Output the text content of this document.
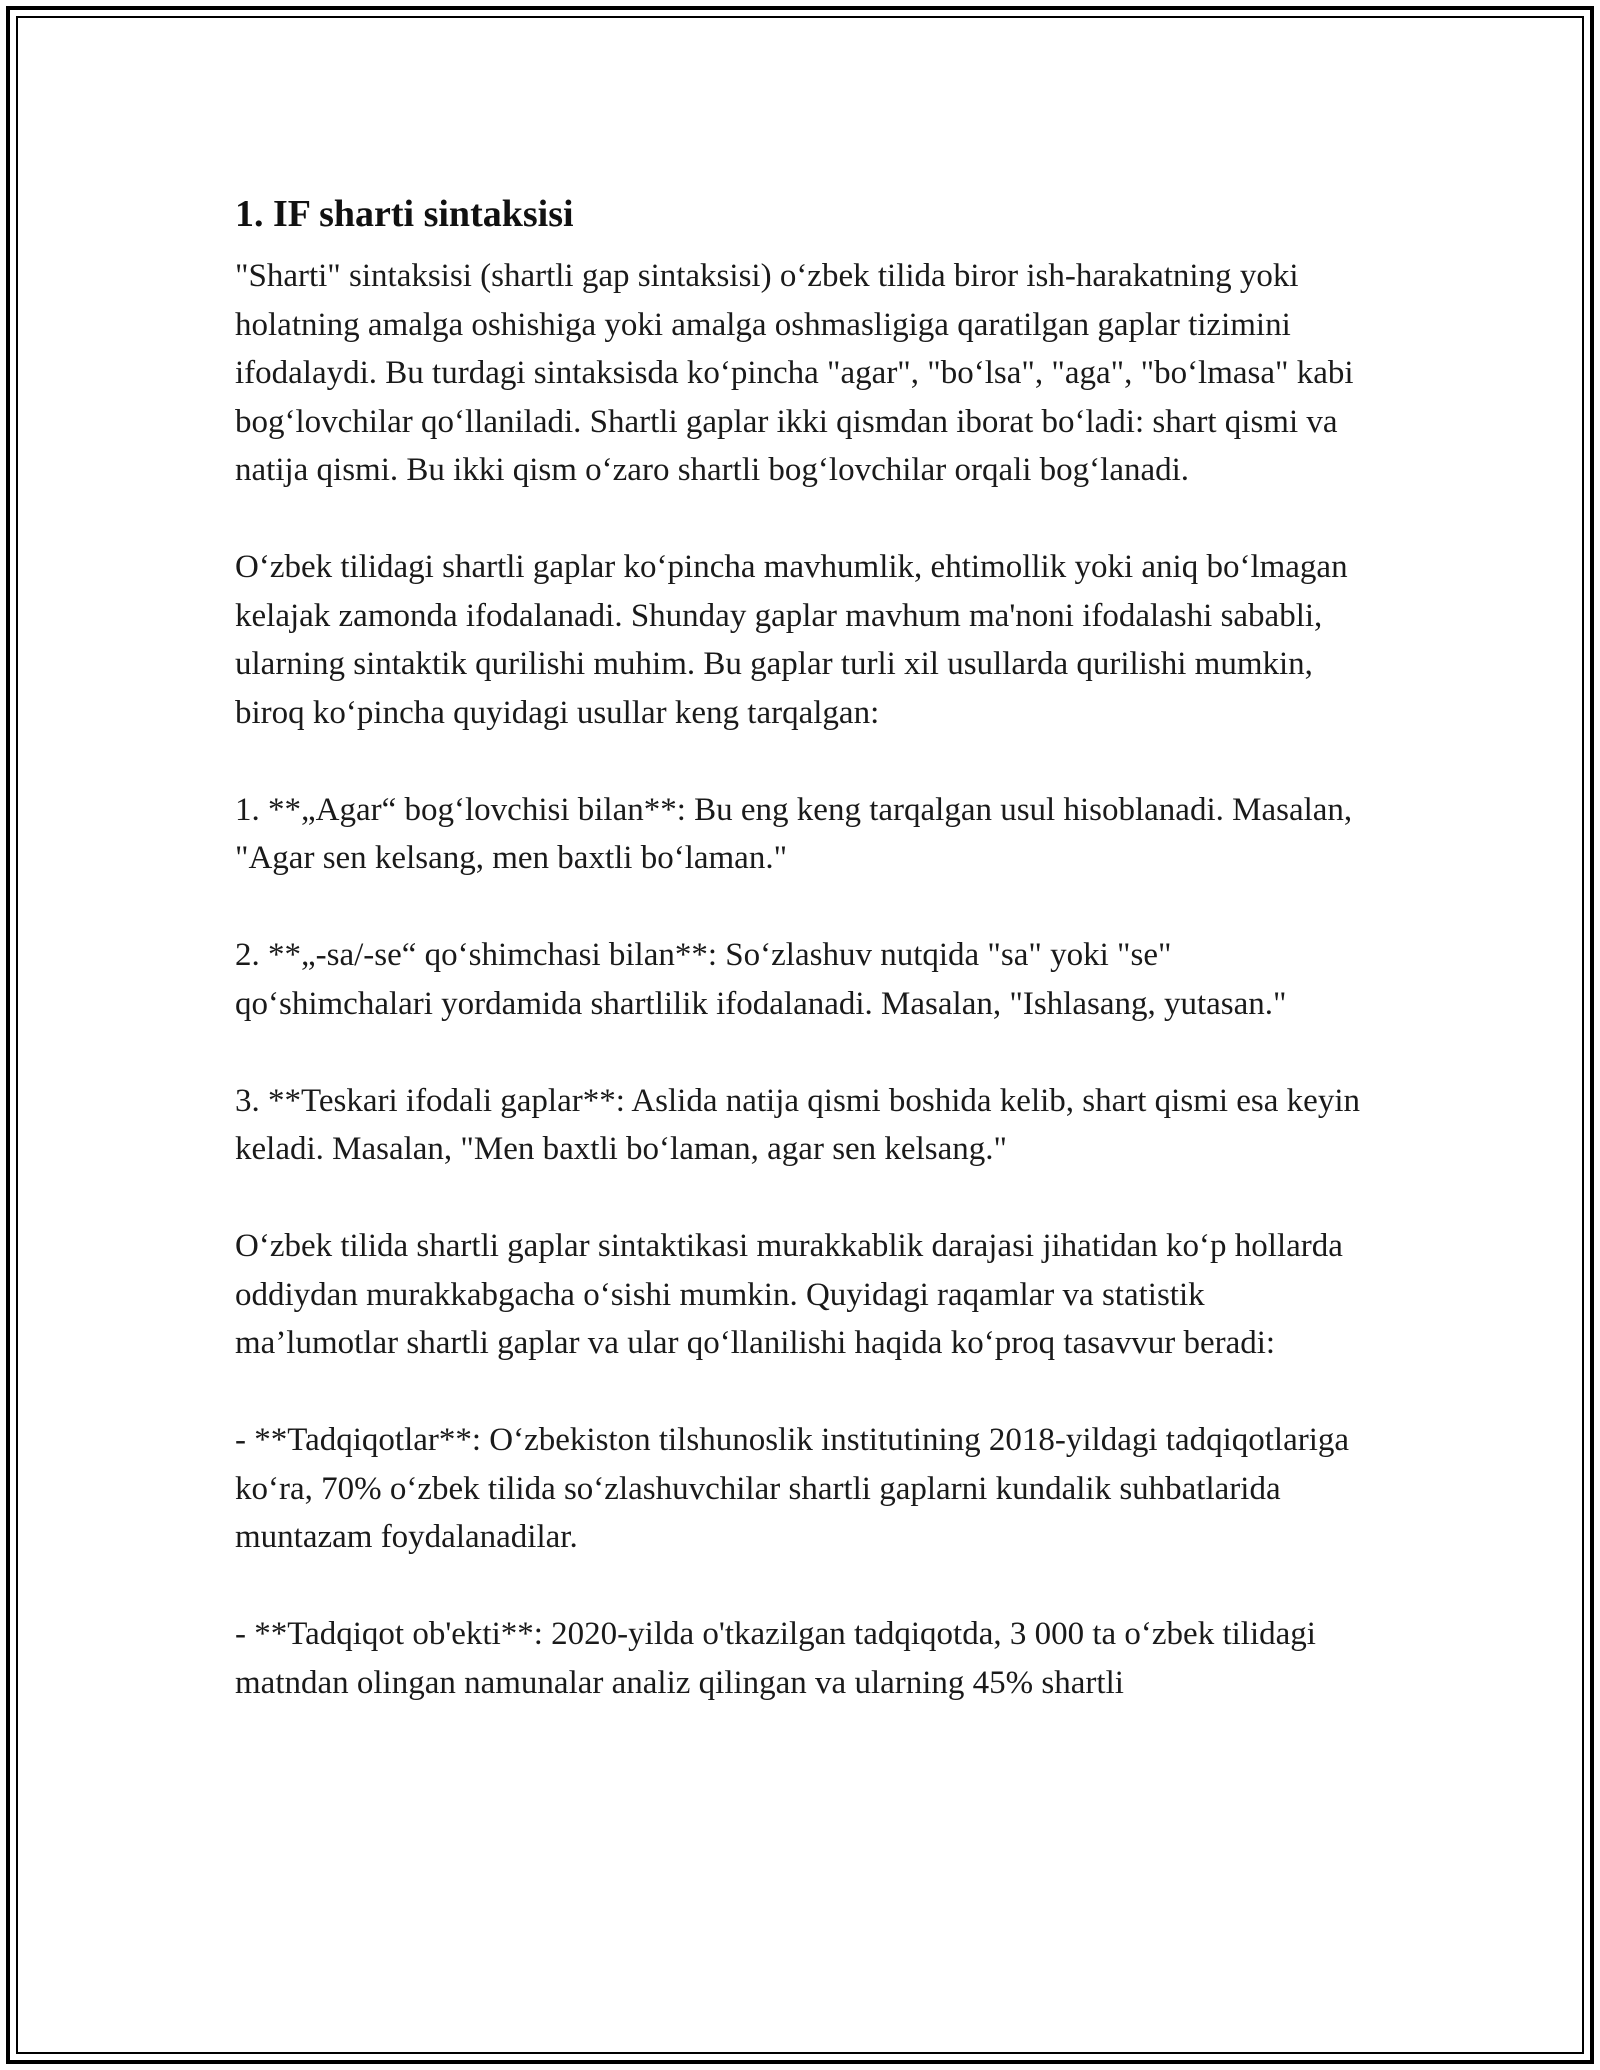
1. IF sharti sintaksisi

"Sharti" sintaksisi (shartli gap sintaksisi) o‘zbek tilida biror ish-harakatning yoki holatning amalga oshishiga yoki amalga oshmasligiga qaratilgan gaplar tizimini ifodalaydi. Bu turdagi sintaksisda ko‘pincha "agar", "bo‘lsa", "aga", "bo‘lmasa" kabi bog‘lovchilar qo‘llaniladi. Shartli gaplar ikki qismdan iborat bo‘ladi: shart qismi va natija qismi. Bu ikki qism o‘zaro shartli bog‘lovchilar orqali bog‘lanadi.

O‘zbek tilidagi shartli gaplar ko‘pincha mavhumlik, ehtimollik yoki aniq bo‘lmagan kelajak zamonda ifodalanadi. Shunday gaplar mavhum ma'noni ifodalashi sababli, ularning sintaktik qurilishi muhim. Bu gaplar turli xil usullarda qurilishi mumkin, biroq ko‘pincha quyidagi usullar keng tarqalgan:

1. **„Agar“ bog‘lovchisi bilan**: Bu eng keng tarqalgan usul hisoblanadi. Masalan, "Agar sen kelsang, men baxtli bo‘laman."

2. **„-sa/-se“ qo‘shimchasi bilan**: So‘zlashuv nutqida "sa" yoki "se" qo‘shimchalari yordamida shartlilik ifodalanadi. Masalan, "Ishlasang, yutasan."

3. **Teskari ifodali gaplar**: Aslida natija qismi boshida kelib, shart qismi esa keyin keladi. Masalan, "Men baxtli bo‘laman, agar sen kelsang."

O‘zbek tilida shartli gaplar sintaktikasi murakkablik darajasi jihatidan ko‘p hollarda oddiydan murakkabgacha o‘sishi mumkin. Quyidagi raqamlar va statistik ma’lumotlar shartli gaplar va ular qo‘llanilishi haqida ko‘proq tasavvur beradi:

- **Tadqiqotlar**: O‘zbekiston tilshunoslik institutining 2018-yildagi tadqiqotlariga ko‘ra, 70% o‘zbek tilida so‘zlashuvchilar shartli gaplarni kundalik suhbatlarida muntazam foydalanadilar.

- **Tadqiqot ob'ekti**: 2020-yilda o'tkazilgan tadqiqotda, 3 000 ta o‘zbek tilidagi matndan olingan namunalar analiz qilingan va ularning 45% shartli
